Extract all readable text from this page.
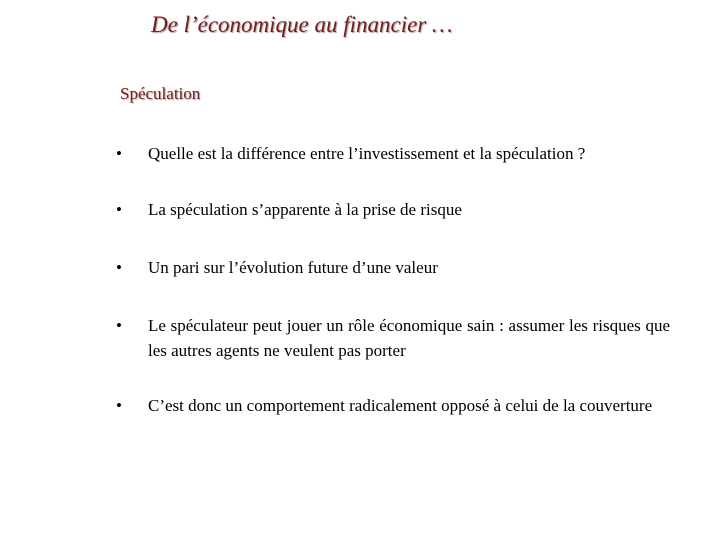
De l’économique au financier …
Spéculation
•	Quelle est la différence entre l’investissement et la spéculation ?
•	La spéculation s’apparente à la prise de risque
•	Un pari sur l’évolution future d’une valeur
•	Le spéculateur peut jouer un rôle économique sain : assumer les risques que les autres agents ne veulent pas porter
•	C’est donc un comportement radicalement opposé à celui de la couverture
